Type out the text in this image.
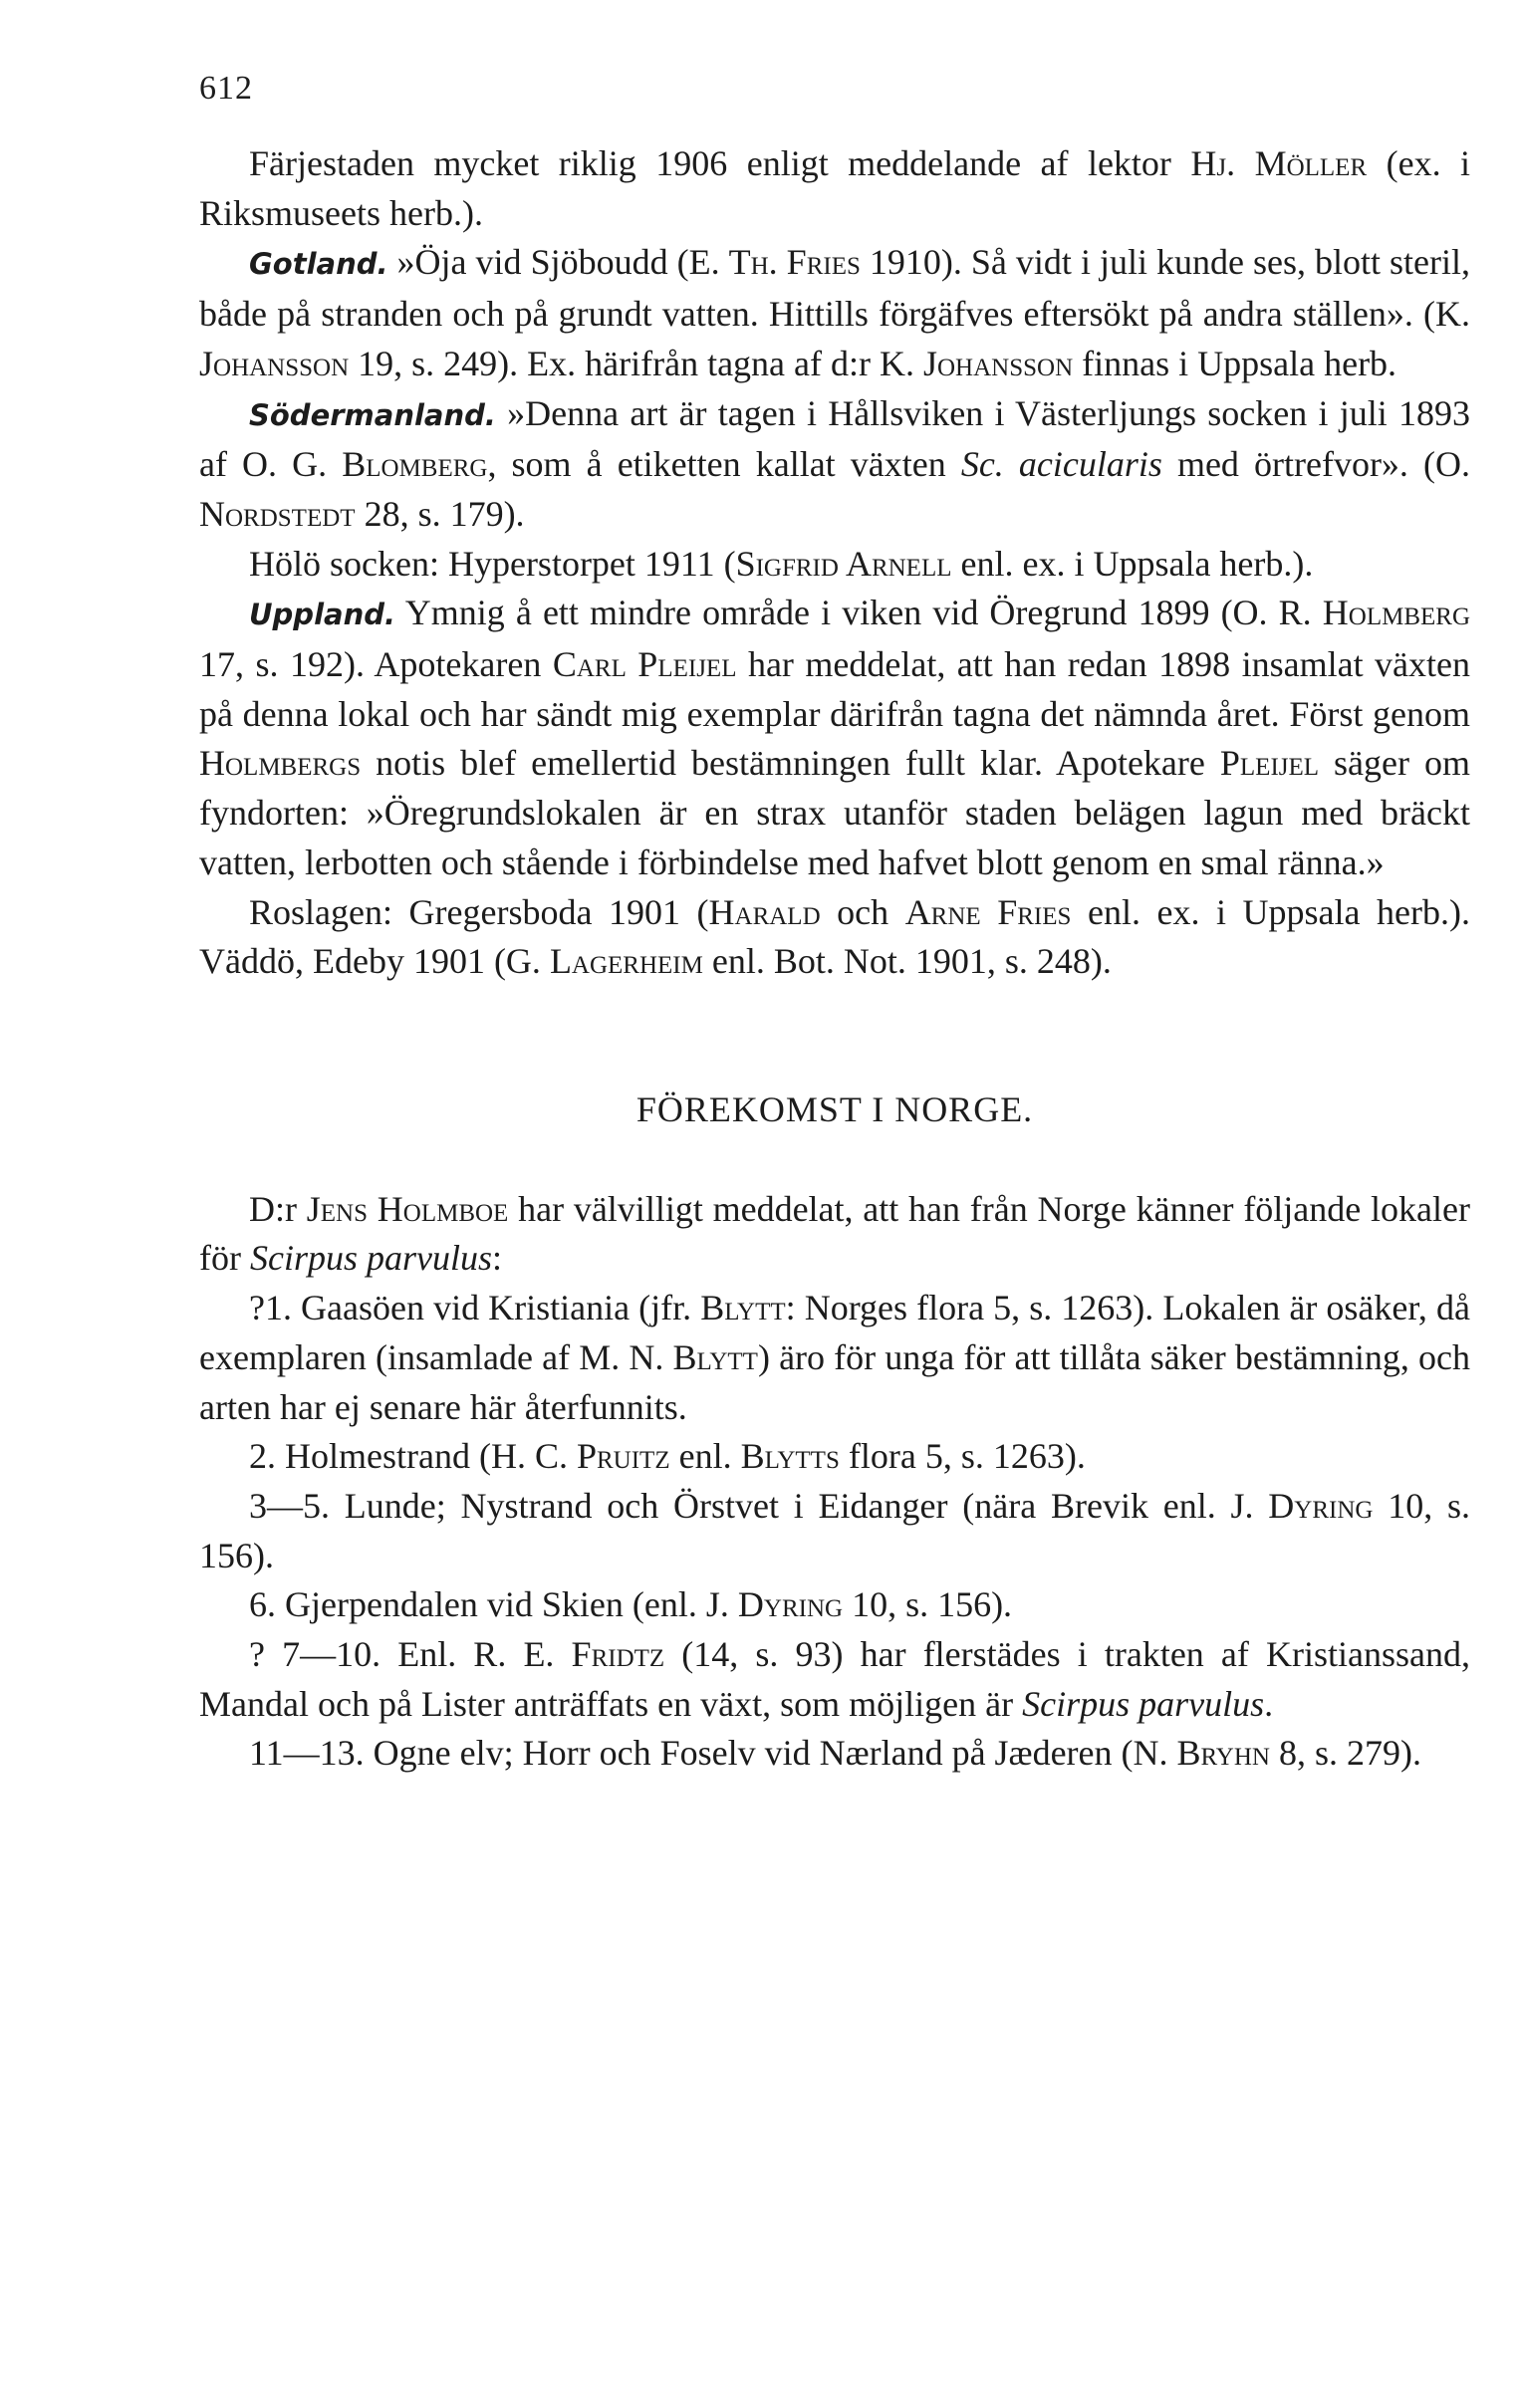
612

Färjestaden mycket riklig 1906 enligt meddelande af lektor Hj. Möller (ex. i Riksmuseets herb.).

Gotland. »Öja vid Sjöboudd (E. Th. Fries 1910). Så vidt i juli kunde ses, blott steril, både på stranden och på grundt vatten. Hittills förgäfves eftersökt på andra ställen». (K. Johansson 19, s. 249). Ex. härifrån tagna af d:r K. Johansson finnas i Uppsala herb.

Södermanland. »Denna art är tagen i Hållsviken i Västerljungs socken i juli 1893 af O. G. Blomberg, som å etiketten kallat växten Sc. acicularis med örtrefvor». (O. Nordstedt 28, s. 179).

Hölö socken: Hyperstorpet 1911 (Sigfrid Arnell enl. ex. i Uppsala herb.).

Uppland. Ymnig å ett mindre område i viken vid Öregrund 1899 (O. R. Holmberg 17, s. 192). Apotekaren Carl Pleijel har meddelat, att han redan 1898 insamlat växten på denna lokal och har sändt mig exemplar därifrån tagna det nämnda året. Först genom Holmbergs notis blef emellertid bestämningen fullt klar. Apotekare Pleijel säger om fyndorten: »Öregrundslokalen är en strax utanför staden belägen lagun med bräckt vatten, lerbotten och stående i förbindelse med hafvet blott genom en smal ränna.»

Roslagen: Gregersboda 1901 (Harald och Arne Fries enl. ex. i Uppsala herb.). Väddö, Edeby 1901 (G. Lagerheim enl. Bot. Not. 1901, s. 248).

FÖREKOMST I NORGE.

D:r Jens Holmboe har välvilligt meddelat, att han från Norge känner följande lokaler för Scirpus parvulus:

?1. Gaasöen vid Kristiania (jfr. Blytt: Norges flora 5, s. 1263). Lokalen är osäker, då exemplaren (insamlade af M. N. Blytt) äro för unga för att tillåta säker bestämning, och arten har ej senare här återfunnits.

2. Holmestrand (H. C. Pruitz enl. Blytts flora 5, s. 1263).

3—5. Lunde; Nystrand och Örstvet i Eidanger (nära Brevik enl. J. Dyring 10, s. 156).

6. Gjerpendalen vid Skien (enl. J. Dyring 10, s. 156).

? 7—10. Enl. R. E. Fridtz (14, s. 93) har flerstädes i trakten af Kristianssand, Mandal och på Lister anträffats en växt, som möjligen är Scirpus parvulus.

11—13. Ogne elv; Horr och Foselv vid Nærland på Jæderen (N. Bryhn 8, s. 279).
